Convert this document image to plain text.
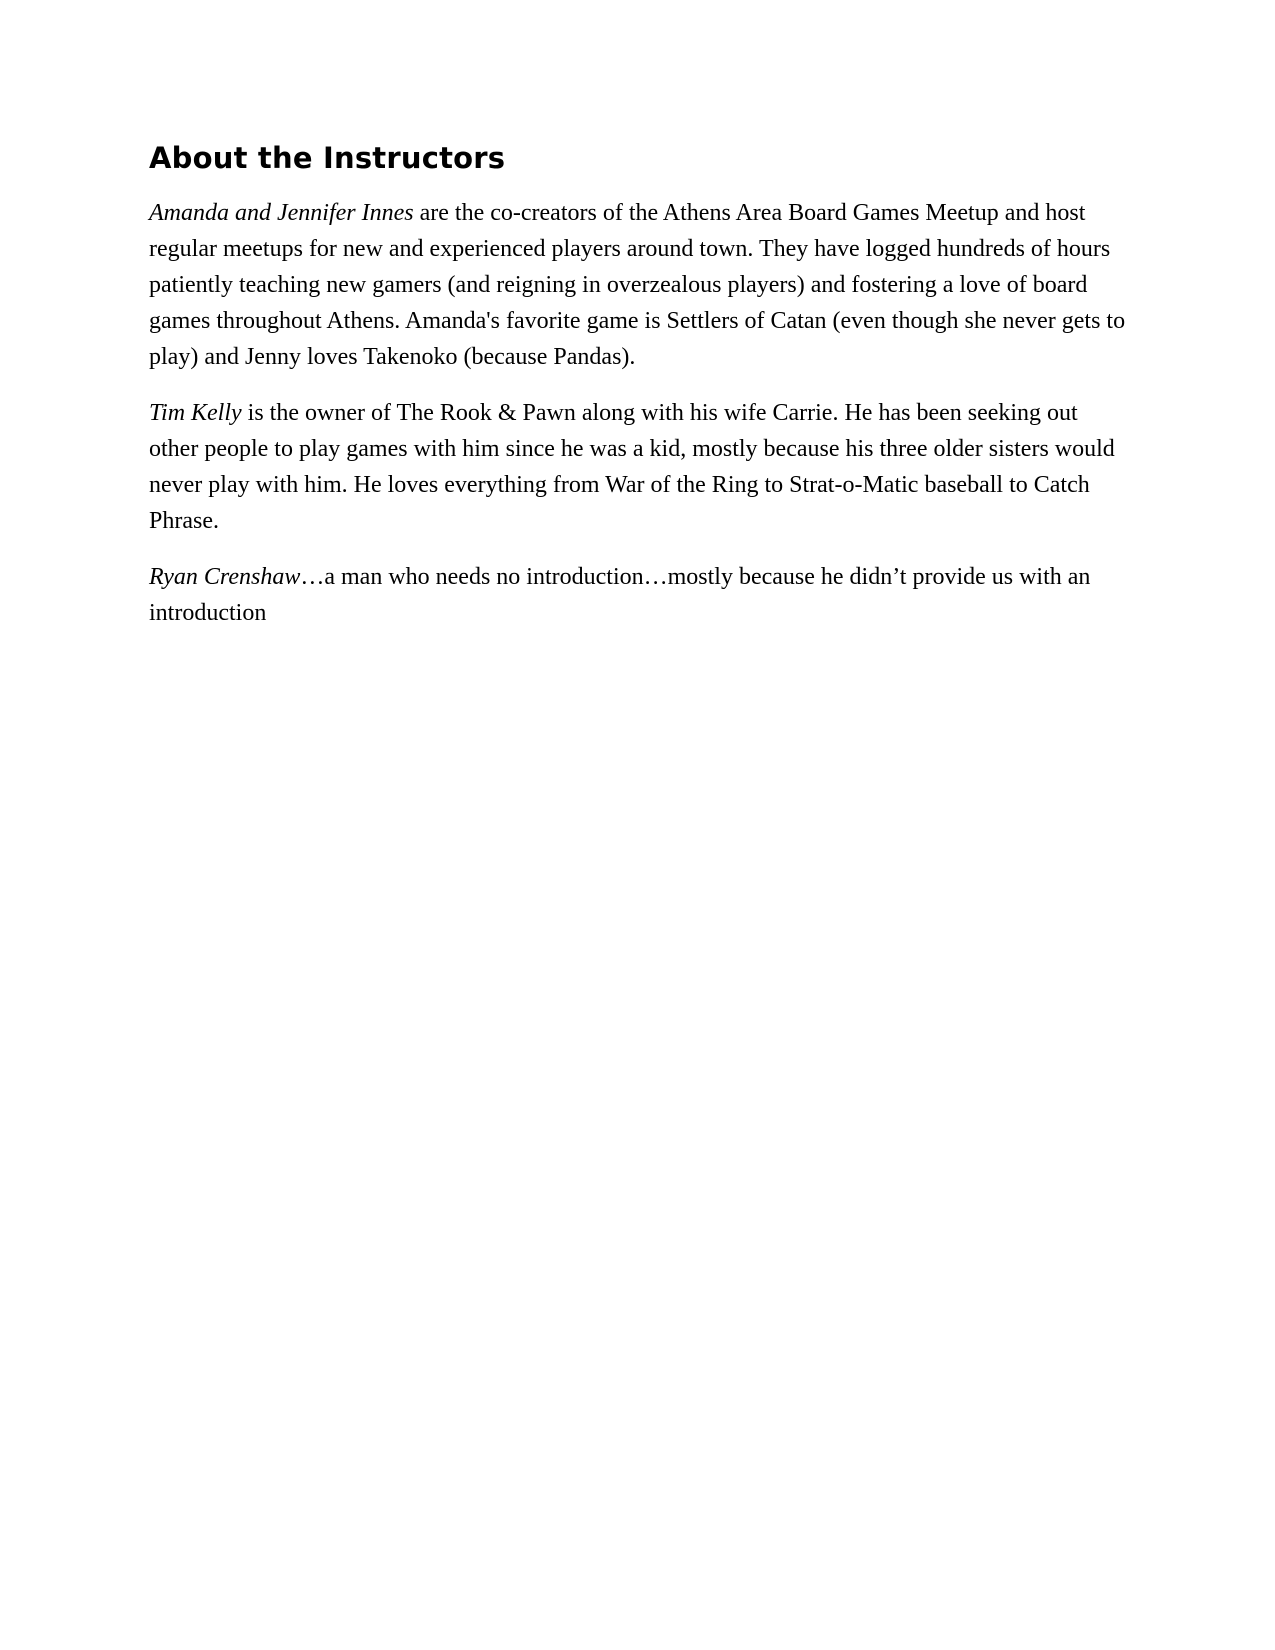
About the Instructors

Amanda and Jennifer Innes are the co-creators of the Athens Area Board Games Meetup and host regular meetups for new and experienced players around town. They have logged hundreds of hours patiently teaching new gamers (and reigning in overzealous players) and fostering a love of board games throughout Athens. Amanda's favorite game is Settlers of Catan (even though she never gets to play) and Jenny loves Takenoko (because Pandas).

Tim Kelly is the owner of The Rook & Pawn along with his wife Carrie. He has been seeking out other people to play games with him since he was a kid, mostly because his three older sisters would never play with him. He loves everything from War of the Ring to Strat-o-Matic baseball to Catch Phrase.

Ryan Crenshaw…a man who needs no introduction…mostly because he didn’t provide us with an introduction
